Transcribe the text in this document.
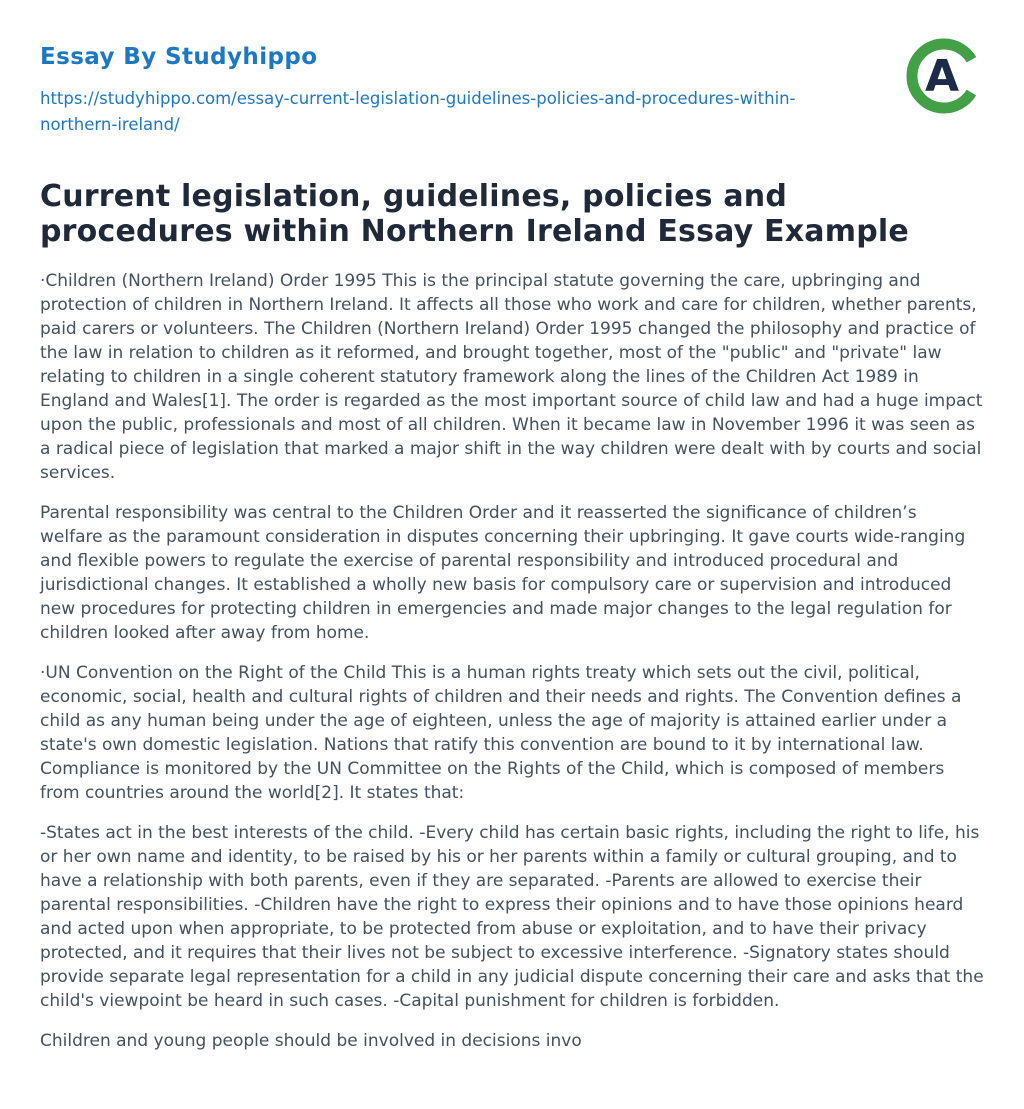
Essay By Studyhippo
https://studyhippo.com/essay-current-legislation-guidelines-policies-and-procedures-within-northern-ireland/
A
Current legislation, guidelines, policies and procedures within Northern Ireland Essay Example

·Children (Northern Ireland) Order 1995 This is the principal statute governing the care, upbringing and protection of children in Northern Ireland. It affects all those who work and care for children, whether parents, paid carers or volunteers. The Children (Northern Ireland) Order 1995 changed the philosophy and practice of the law in relation to children as it reformed, and brought together, most of the "public" and "private" law relating to children in a single coherent statutory framework along the lines of the Children Act 1989 in England and Wales[1]. The order is regarded as the most important source of child law and had a huge impact upon the public, professionals and most of all children. When it became law in November 1996 it was seen as a radical piece of legislation that marked a major shift in the way children were dealt with by courts and social services.

Parental responsibility was central to the Children Order and it reasserted the significance of children’s welfare as the paramount consideration in disputes concerning their upbringing. It gave courts wide-ranging and flexible powers to regulate the exercise of parental responsibility and introduced procedural and jurisdictional changes. It established a wholly new basis for compulsory care or supervision and introduced new procedures for protecting children in emergencies and made major changes to the legal regulation for children looked after away from home.

·UN Convention on the Right of the Child This is a human rights treaty which sets out the civil, political, economic, social, health and cultural rights of children and their needs and rights. The Convention defines a child as any human being under the age of eighteen, unless the age of majority is attained earlier under a state's own domestic legislation. Nations that ratify this convention are bound to it by international law. Compliance is monitored by the UN Committee on the Rights of the Child, which is composed of members from countries around the world[2]. It states that:

-States act in the best interests of the child. -Every child has certain basic rights, including the right to life, his or her own name and identity, to be raised by his or her parents within a family or cultural grouping, and to have a relationship with both parents, even if they are separated. -Parents are allowed to exercise their parental responsibilities. -Children have the right to express their opinions and to have those opinions heard and acted upon when appropriate, to be protected from abuse or exploitation, and to have their privacy protected, and it requires that their lives not be subject to excessive interference. -Signatory states should provide separate legal representation for a child in any judicial dispute concerning their care and asks that the child's viewpoint be heard in such cases. -Capital punishment for children is forbidden.

Children and young people should be involved in decisions invo
